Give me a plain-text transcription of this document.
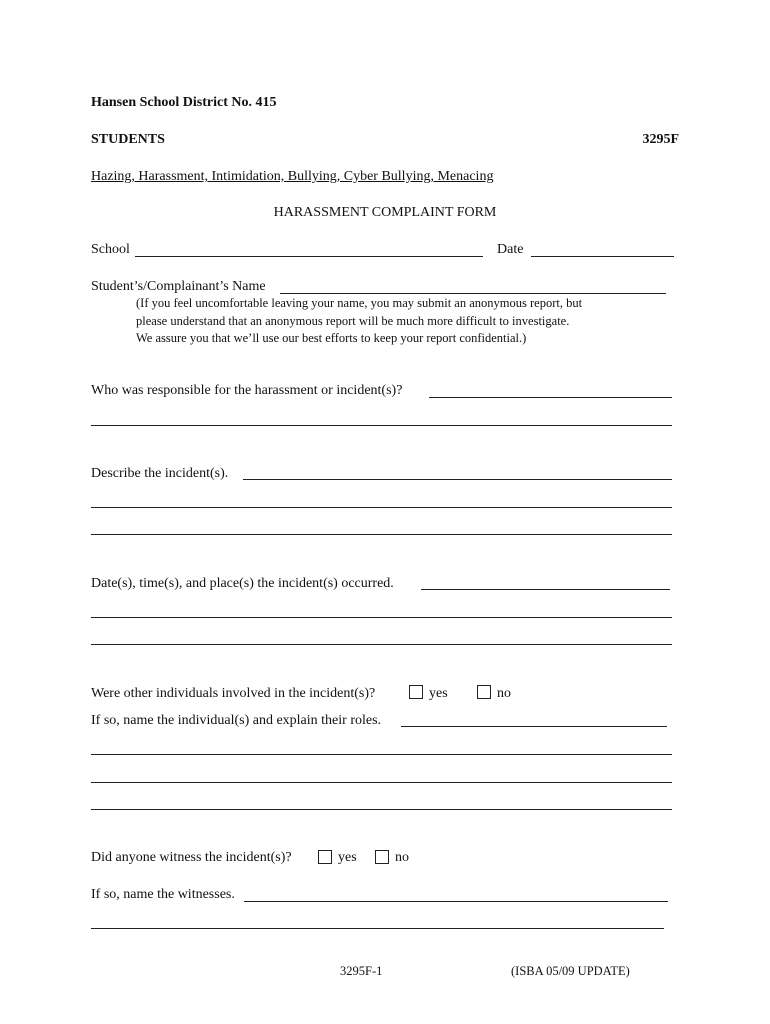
Hansen School District No. 415
STUDENTS	3295F
Hazing, Harassment, Intimidation, Bullying, Cyber Bullying, Menacing
HARASSMENT COMPLAINT FORM
School	Date
Student’s/Complainant’s Name
(If you feel uncomfortable leaving your name, you may submit an anonymous report, but
please understand that an anonymous report will be much more difficult to investigate.
We assure you that we’ll use our best efforts to keep your report confidential.)
Who was responsible for the harassment or incident(s)?
Describe the incident(s).
Date(s), time(s), and place(s) the incident(s) occurred.
Were other individuals involved in the incident(s)?	yes	no
If so, name the individual(s) and explain their roles.
Did anyone witness the incident(s)?	yes	no
If so, name the witnesses.
3295F-1	(ISBA 05/09 UPDATE)
